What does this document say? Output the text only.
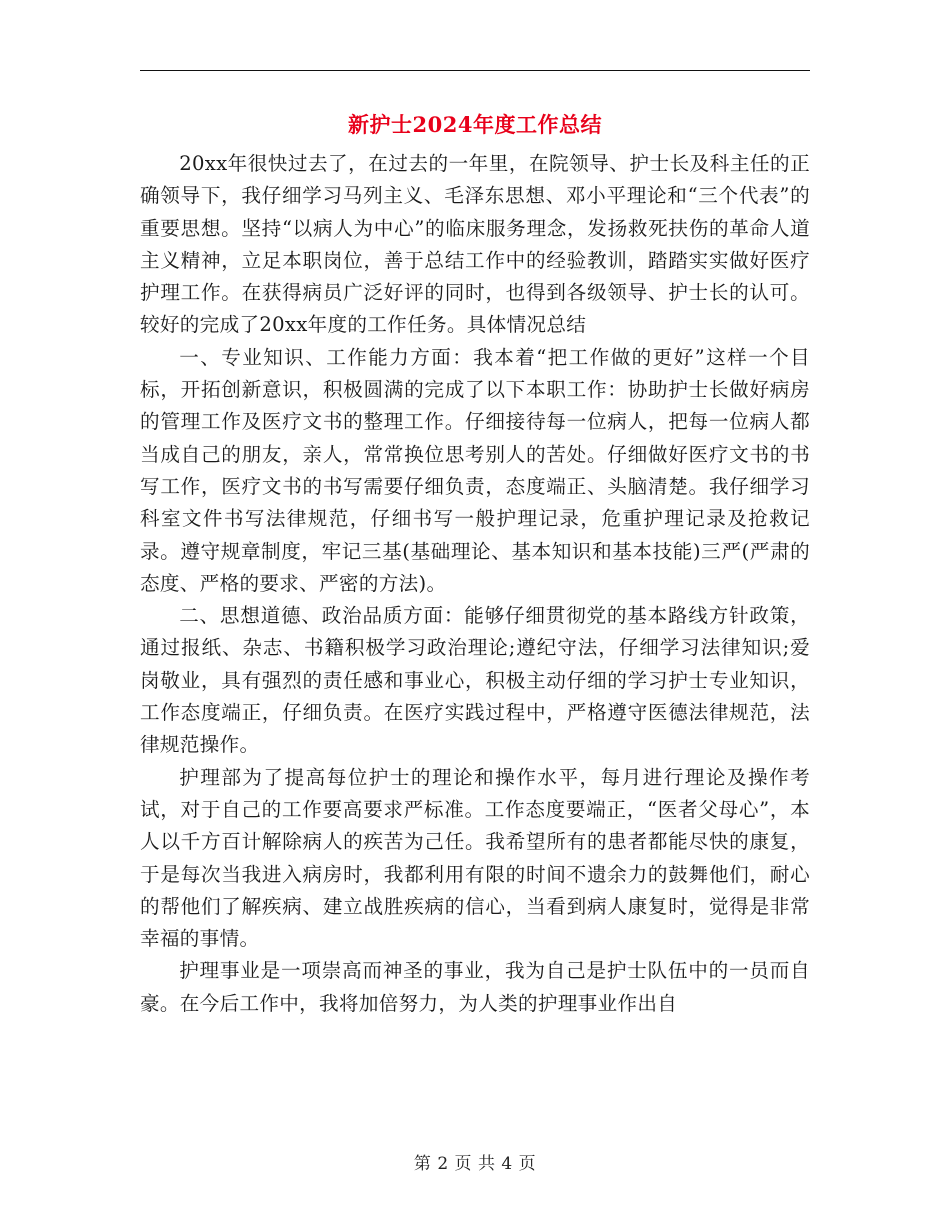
新护士2024年度工作总结

20xx年很快过去了，在过去的一年里，在院领导、护士长及科主任的正确领导下，我仔细学习马列主义、毛泽东思想、邓小平理论和“三个代表”的重要思想。坚持“以病人为中心”的临床服务理念，发扬救死扶伤的革命人道主义精神，立足本职岗位，善于总结工作中的经验教训，踏踏实实做好医疗护理工作。在获得病员广泛好评的同时，也得到各级领导、护士长的认可。较好的完成了20xx年度的工作任务。具体情况总结

一、专业知识、工作能力方面：我本着“把工作做的更好”这样一个目标，开拓创新意识，积极圆满的完成了以下本职工作：协助护士长做好病房的管理工作及医疗文书的整理工作。仔细接待每一位病人，把每一位病人都当成自己的朋友，亲人，常常换位思考别人的苦处。仔细做好医疗文书的书写工作，医疗文书的书写需要仔细负责，态度端正、头脑清楚。我仔细学习科室文件书写法律规范，仔细书写一般护理记录，危重护理记录及抢救记录。遵守规章制度，牢记三基(基础理论、基本知识和基本技能)三严(严肃的态度、严格的要求、严密的方法)。

二、思想道德、政治品质方面：能够仔细贯彻党的基本路线方针政策，通过报纸、杂志、书籍积极学习政治理论;遵纪守法，仔细学习法律知识;爱岗敬业，具有强烈的责任感和事业心，积极主动仔细的学习护士专业知识，工作态度端正，仔细负责。在医疗实践过程中，严格遵守医德法律规范，法律规范操作。

护理部为了提高每位护士的理论和操作水平，每月进行理论及操作考试，对于自己的工作要高要求严标准。工作态度要端正，“医者父母心”，本人以千方百计解除病人的疾苦为己任。我希望所有的患者都能尽快的康复，于是每次当我进入病房时，我都利用有限的时间不遗余力的鼓舞他们，耐心的帮他们了解疾病、建立战胜疾病的信心，当看到病人康复时，觉得是非常幸福的事情。

护理事业是一项崇高而神圣的事业，我为自己是护士队伍中的一员而自豪。在今后工作中，我将加倍努力，为人类的护理事业作出自

第 2 页 共 4 页
